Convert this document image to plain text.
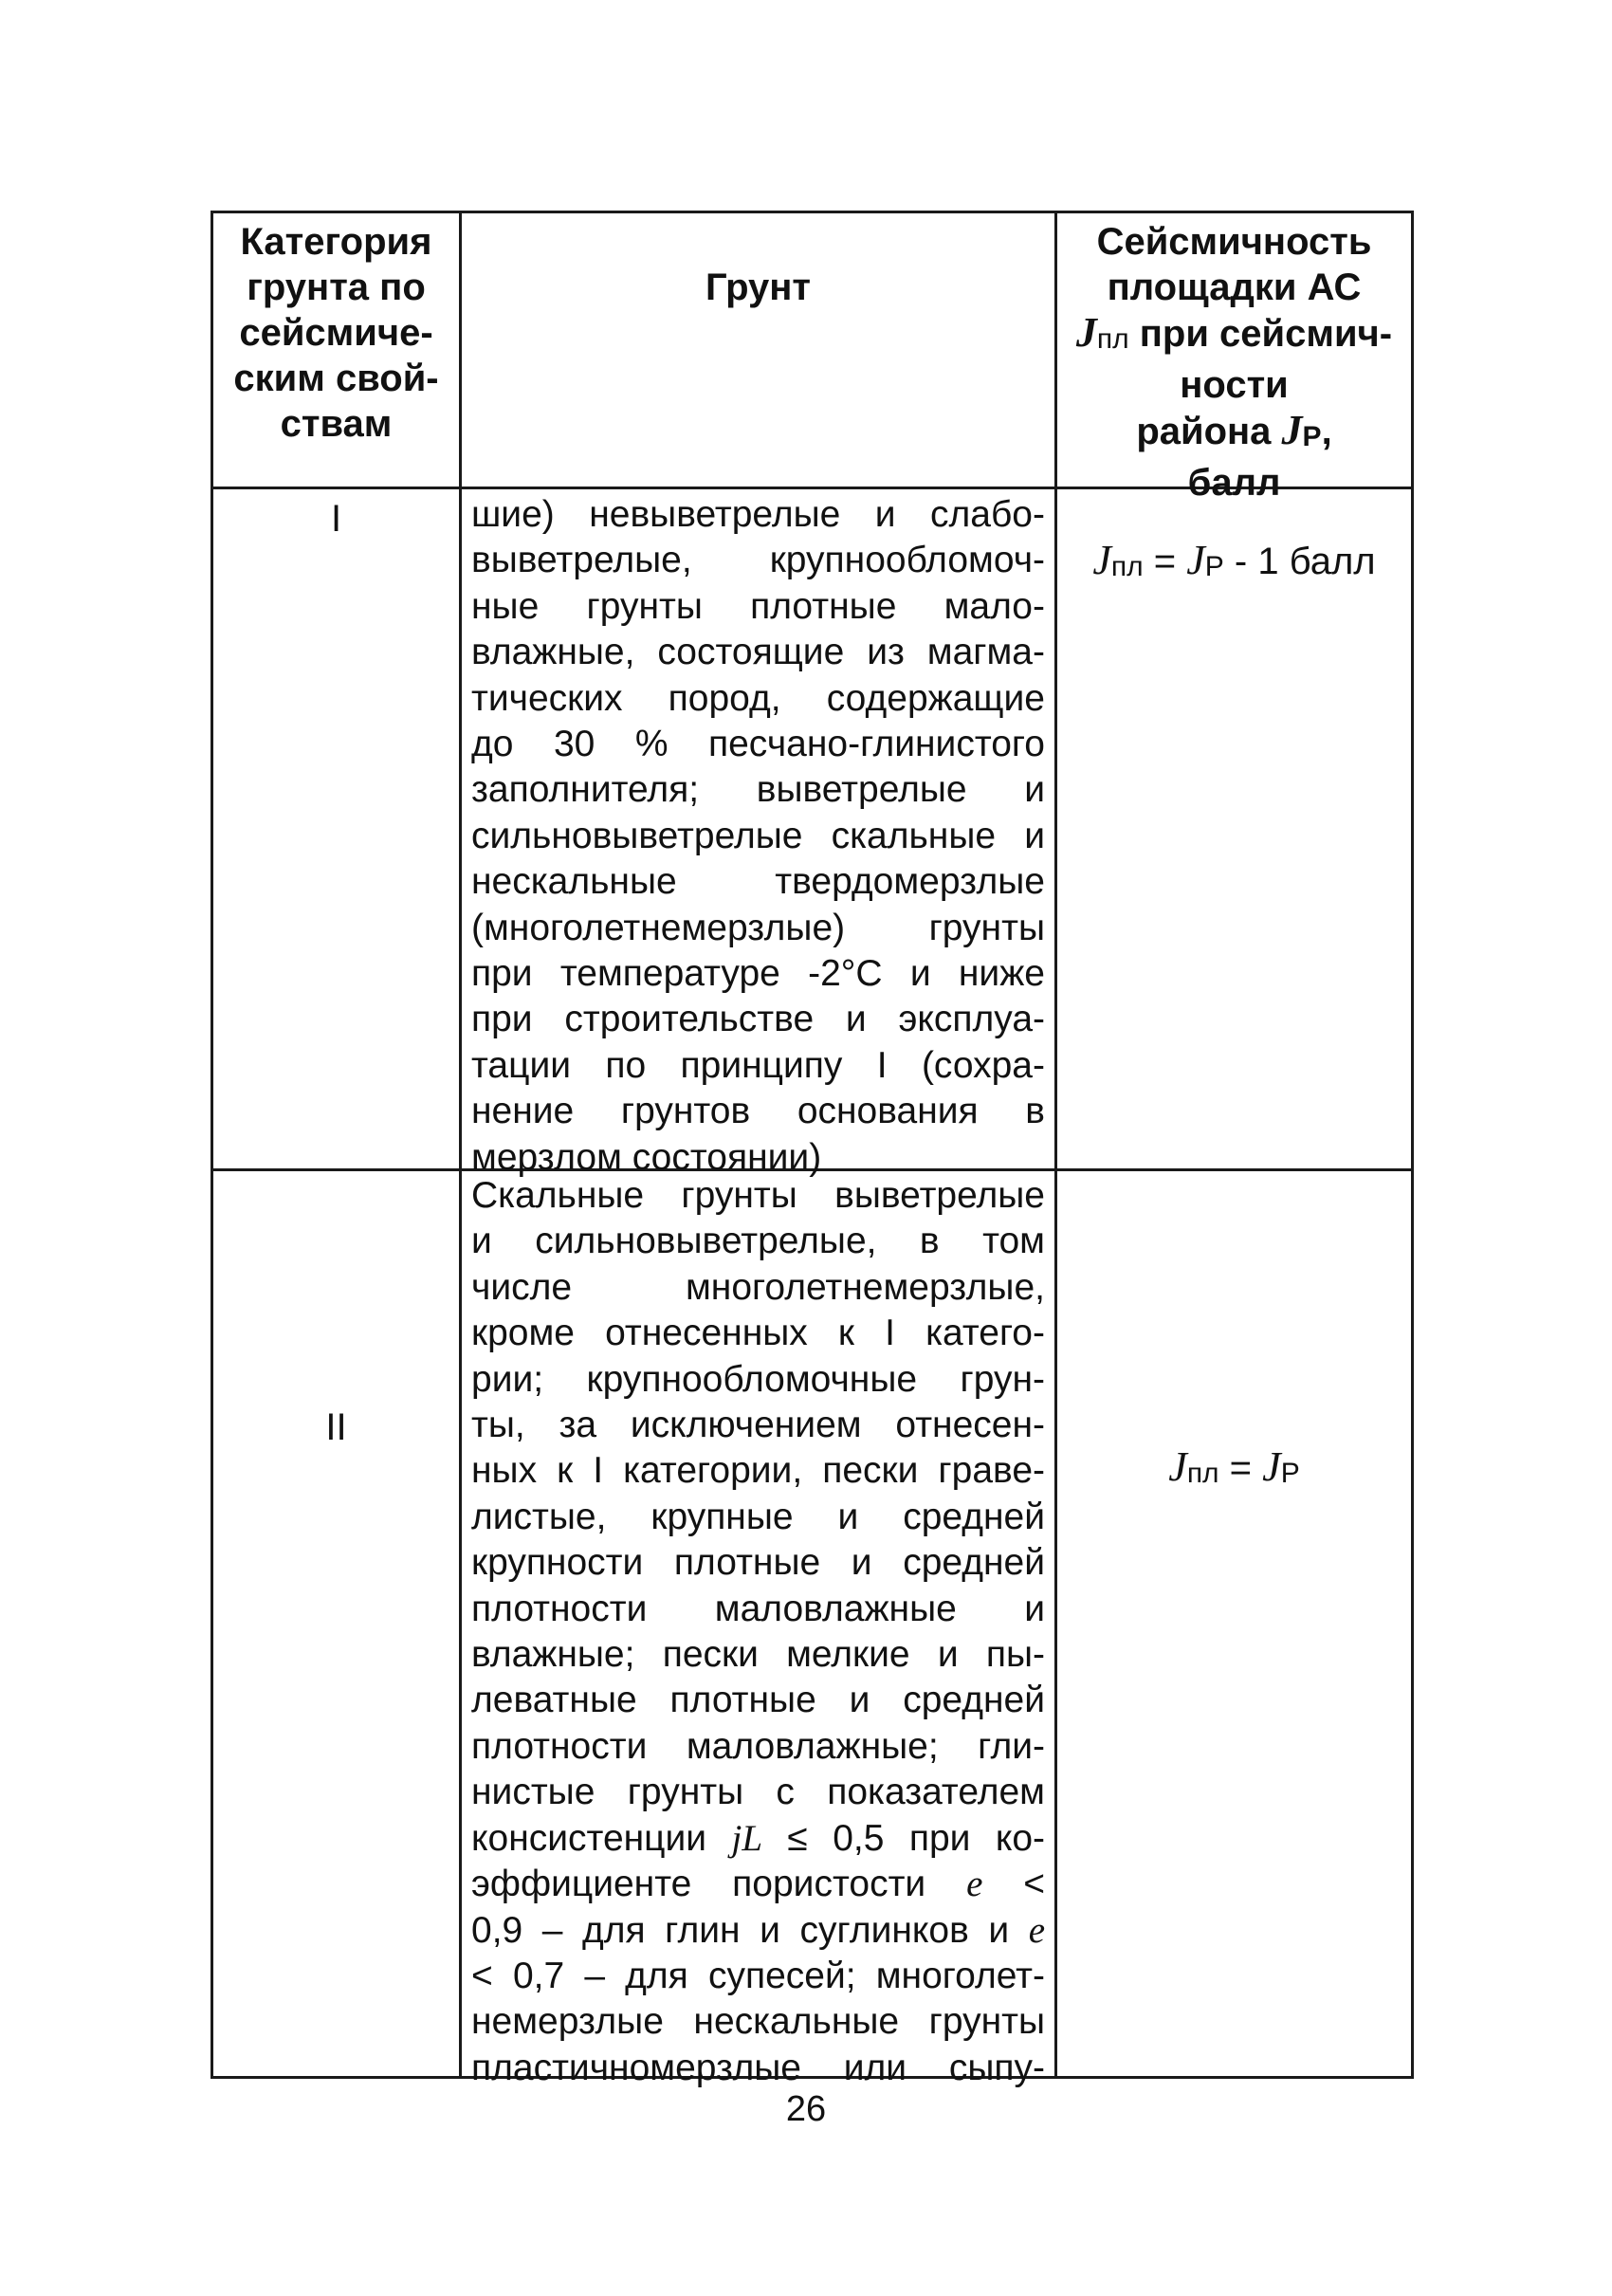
Категория
грунта по
сейсмиче-
ским свой-
ствам
Грунт
Сейсмичность
площадки АС
Jпл при сейсмич-
ности
района JР,
балл
I	шие) невыветрелые и слабо-
выветрелые, крупнообломоч-
ные грунты плотные мало-
влажные, состоящие из магма-
тических пород, содержащие
до 30 % песчано-глинистого
заполнителя; выветрелые и
сильновыветрелые скальные и
нескальные твердомерзлые
(многолетнемерзлые) грунты
при температуре -2°С и ниже
при строительстве и эксплуа-
тации по принципу I (сохра-
нение грунтов основания в
мерзлом состоянии)
Jпл = JР - 1 балл
II
Скальные грунты выветрелые
и сильновыветрелые, в том
числе многолетнемерзлые,
кроме отнесенных к I катего-
рии; крупнообломочные грун-
ты, за исключением отнесен-
ных к I категории, пески граве-
листые, крупные и средней
крупности плотные и средней
плотности маловлажные и
влажные; пески мелкие и пы-
леватные плотные и средней
плотности маловлажные; гли-
нистые грунты с показателем
консистенции jL ≤ 0,5 при ко-
эффициенте пористости e <
0,9 – для глин и суглинков и e
< 0,7 – для супесей; многолет-
немерзлые нескальные грунты
пластичномерзлые или сыпу-
Jпл = JР
26
